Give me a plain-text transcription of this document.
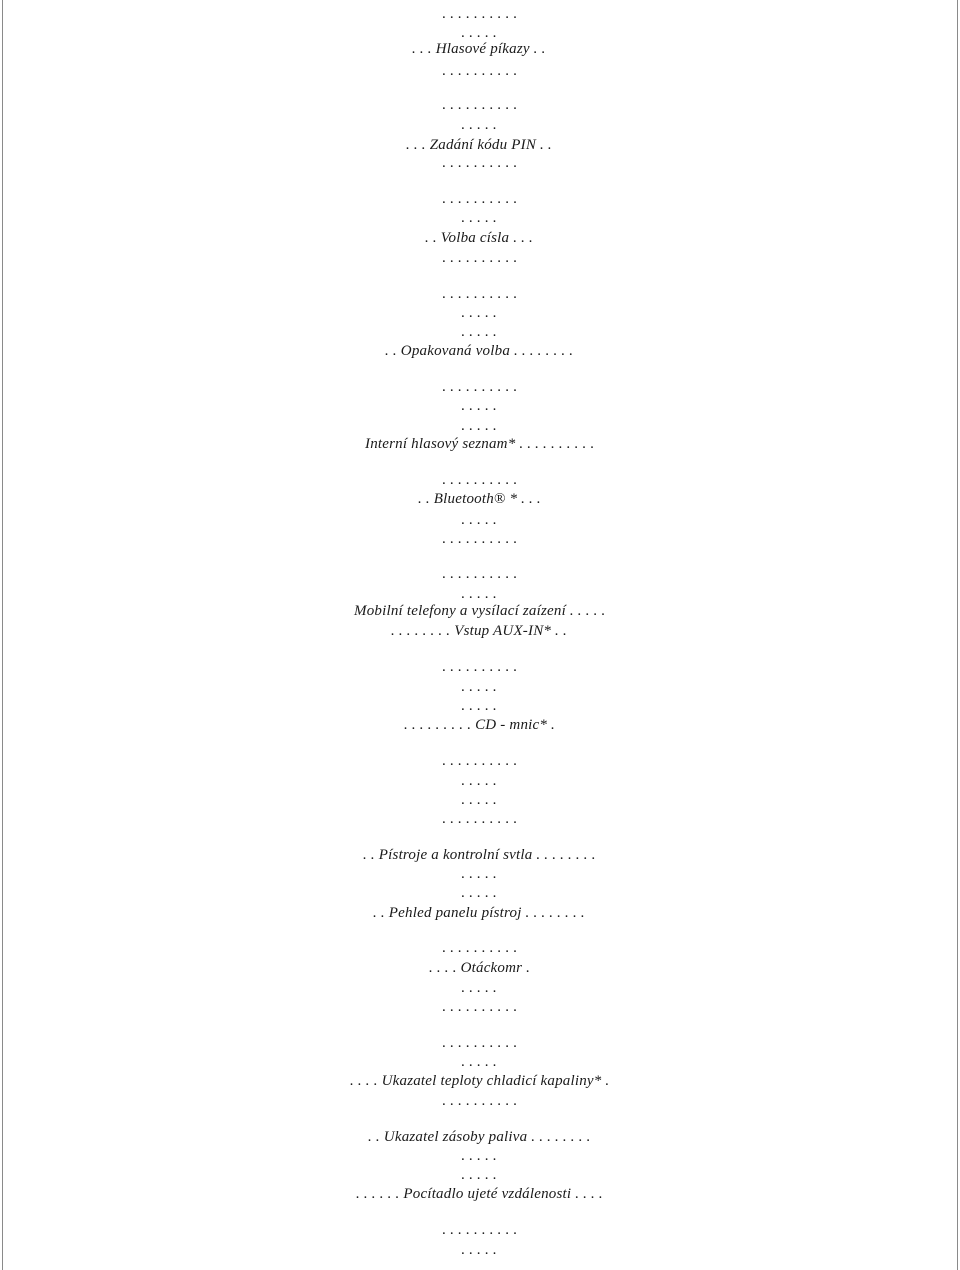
. . . . . . . . . .
. . . . .
. . . Hlasové píkazy . .
. . . . . . . . . .
. . . . . . . . . .
. . . . .
. . . Zadání kódu PIN . .
. . . . . . . . . .
. . . . . . . . . .
. . . . .
. . Volba císla . . .
. . . . . . . . . .
. . . . . . . . . .
. . . . .
. . . . .
. . Opakovaná volba . . . . . . . .
. . . . . . . . . .
. . . . .
. . . . .
Interní hlasový seznam* . . . . . . . . . .
. . . . . . . . . .
. . Bluetooth® * . . .
. . . . .
. . . . . . . . . .
. . . . . . . . . .
. . . . .
Mobilní telefony a vysílací zaízení . . . . .
. . . . . . . . Vstup AUX-IN* . .
. . . . . . . . . .
. . . . .
. . . . .
. . . . . . . . . CD - mnic* .
. . . . . . . . . .
. . . . .
. . . . .
. . . . . . . . . .
. . Pístroje a kontrolní svtla . . . . . . . .
. . . . .
. . . . .
. . Pehled panelu pístroj . . . . . . . .
. . . . . . . . . .
. . . . Otáckomr .
. . . . .
. . . . . . . . . .
. . . . . . . . . .
. . . . .
. . . . Ukazatel teploty chladicí kapaliny* .
. . . . . . . . . .
. . Ukazatel zásoby paliva . . . . . . . .
. . . . .
. . . . .
. . . . . . Pocítadlo ujeté vzdálenosti . . . .
. . . . . . . . . .
. . . . .
